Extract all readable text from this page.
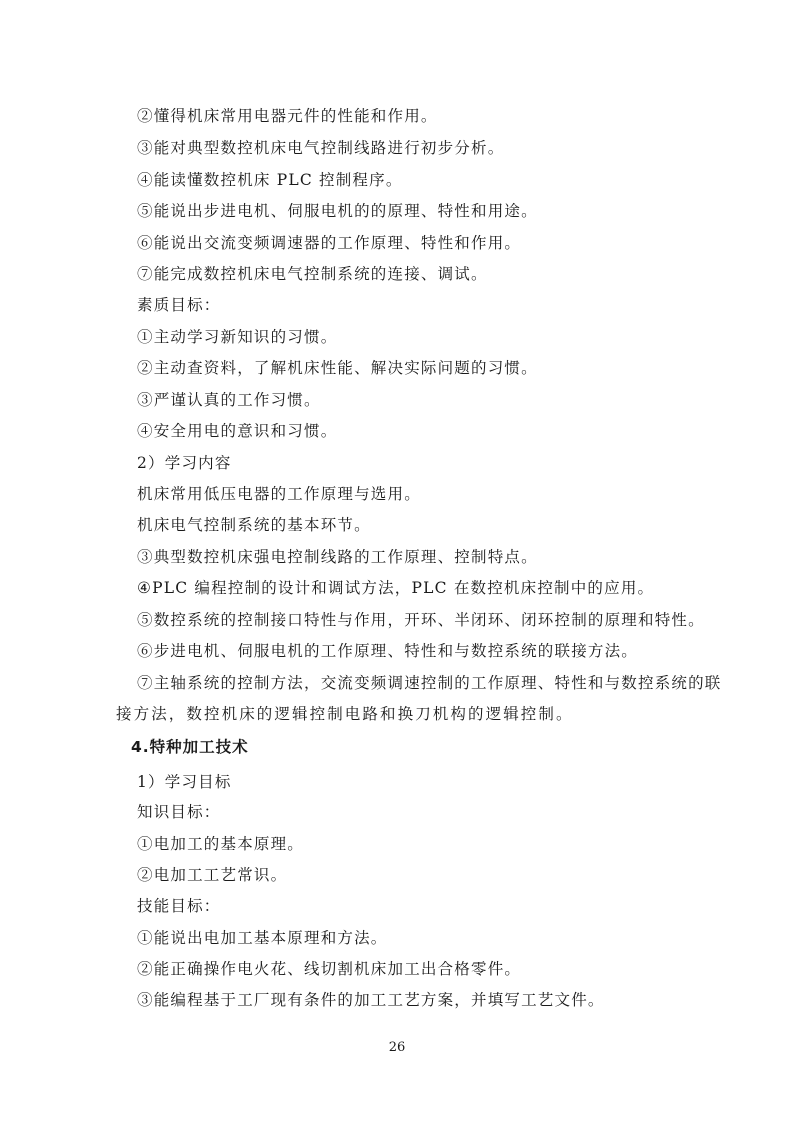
②懂得机床常用电器元件的性能和作用。
③能对典型数控机床电气控制线路进行初步分析。
④能读懂数控机床 PLC 控制程序。
⑤能说出步进电机、伺服电机的的原理、特性和用途。
⑥能说出交流变频调速器的工作原理、特性和作用。
⑦能完成数控机床电气控制系统的连接、调试。
素质目标：
①主动学习新知识的习惯。
②主动查资料，了解机床性能、解决实际问题的习惯。
③严谨认真的工作习惯。
④安全用电的意识和习惯。
2）学习内容
机床常用低压电器的工作原理与选用。
机床电气控制系统的基本环节。
③典型数控机床强电控制线路的工作原理、控制特点。
④PLC 编程控制的设计和调试方法，PLC 在数控机床控制中的应用。
⑤数控系统的控制接口特性与作用，开环、半闭环、闭环控制的原理和特性。
⑥步进电机、伺服电机的工作原理、特性和与数控系统的联接方法。
⑦主轴系统的控制方法，交流变频调速控制的工作原理、特性和与数控系统的联
接方法，数控机床的逻辑控制电路和换刀机构的逻辑控制。
4.特种加工技术
1）学习目标
知识目标：
①电加工的基本原理。
②电加工工艺常识。
技能目标：
①能说出电加工基本原理和方法。
②能正确操作电火花、线切割机床加工出合格零件。
③能编程基于工厂现有条件的加工工艺方案，并填写工艺文件。
26
